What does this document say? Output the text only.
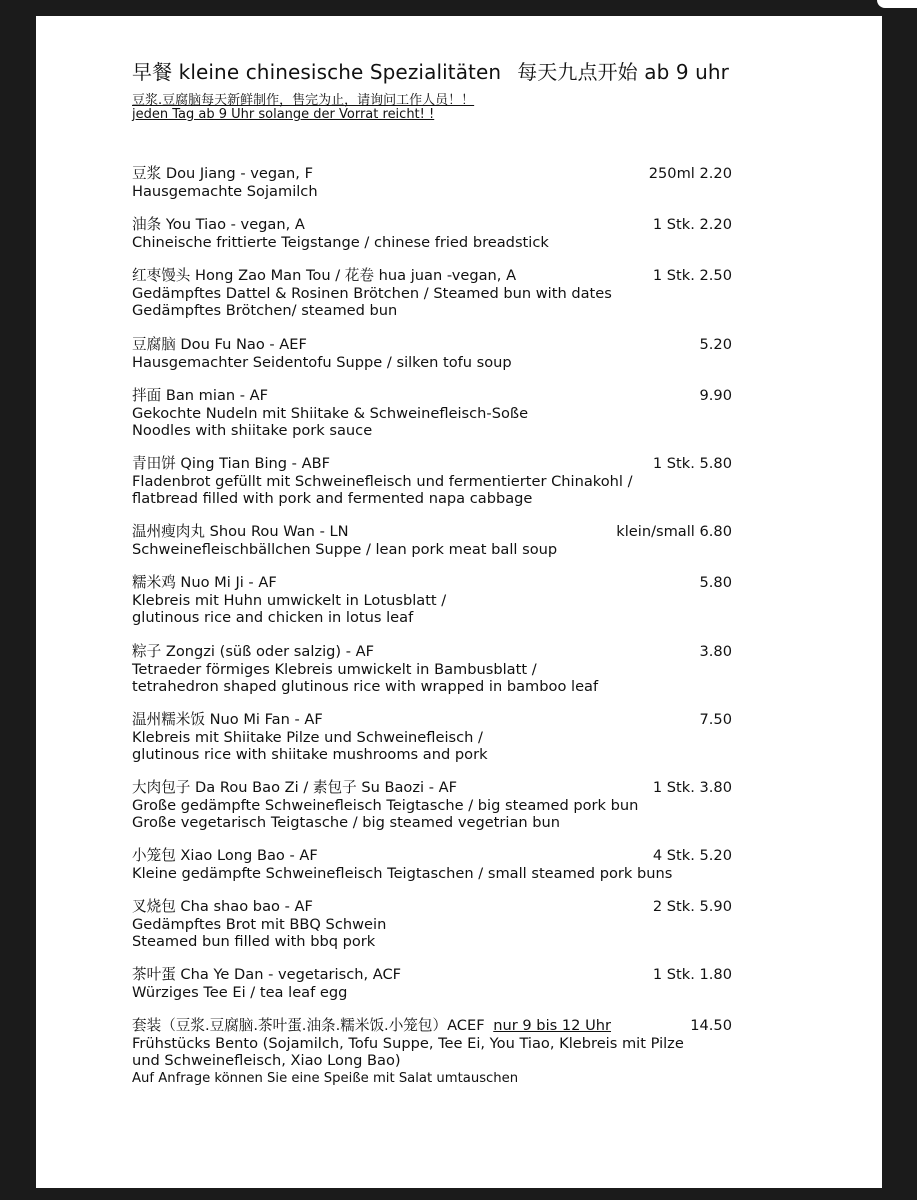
早餐 kleine chinesische Spezialitäten 每天九点开始 ab 9 uhr
豆浆.豆腐脑每天新鲜制作，售完为止，请询问工作人员！！
jeden Tag ab 9 Uhr solange der Vorrat reicht! !
豆浆 Dou Jiang - vegan, F
Hausgemachte Sojamilch
250ml 2.20
油条 You Tiao - vegan, A
Chineische frittierte Teigstange / chinese fried breadstick
1 Stk. 2.20
红枣馒头 Hong Zao Man Tou / 花卷 hua juan -vegan, A
Gedämpftes Dattel & Rosinen Brötchen / Steamed bun with dates
Gedämpftes Brötchen/ steamed bun
1 Stk. 2.50
豆腐脑 Dou Fu Nao - AEF
Hausgemachter Seidentofu Suppe / silken tofu soup
5.20
拌面 Ban mian - AF
Gekochte Nudeln mit Shiitake & Schweinefleisch-Soße
Noodles with shiitake pork sauce
9.90
青田饼 Qing Tian Bing - ABF
Fladenbrot gefüllt mit Schweinefleisch und fermentierter Chinakohl /
flatbread filled with pork and fermented napa cabbage
1 Stk. 5.80
温州瘦肉丸 Shou Rou Wan - LN
Schweinefleischbällchen Suppe / lean pork meat ball soup
klein/small 6.80
糯米鸡 Nuo Mi Ji - AF
Klebreis mit Huhn umwickelt in Lotusblatt /
glutinous rice and chicken in lotus leaf
5.80
粽子 Zongzi (süß oder salzig) - AF
Tetraeder förmiges Klebreis umwickelt in Bambusblatt /
tetrahedron shaped glutinous rice with wrapped in bamboo leaf
3.80
温州糯米饭 Nuo Mi Fan - AF
Klebreis mit Shiitake Pilze und Schweinefleisch /
glutinous rice with shiitake mushrooms and pork
7.50
大肉包子 Da Rou Bao Zi / 素包子 Su Baozi - AF
Große gedämpfte Schweinefleisch Teigtasche / big steamed pork bun
Große vegetarisch Teigtasche / big steamed vegetrian bun
1 Stk. 3.80
小笼包 Xiao Long Bao - AF
Kleine gedämpfte Schweinefleisch Teigtaschen / small steamed pork buns
4 Stk. 5.20
叉烧包 Cha shao bao - AF
Gedämpftes Brot mit BBQ Schwein
Steamed bun filled with bbq pork
2 Stk. 5.90
茶叶蛋 Cha Ye Dan - vegetarisch, ACF
Würziges Tee Ei / tea leaf egg
1 Stk. 1.80
套装（豆浆.豆腐脑.茶叶蛋.油条.糯米饭.小笼包）ACEF nur 9 bis 12 Uhr
Frühstücks Bento (Sojamilch, Tofu Suppe, Tee Ei, You Tiao, Klebreis mit Pilze
und Schweinefleisch, Xiao Long Bao)
Auf Anfrage können Sie eine Speiße mit Salat umtauschen
14.50
